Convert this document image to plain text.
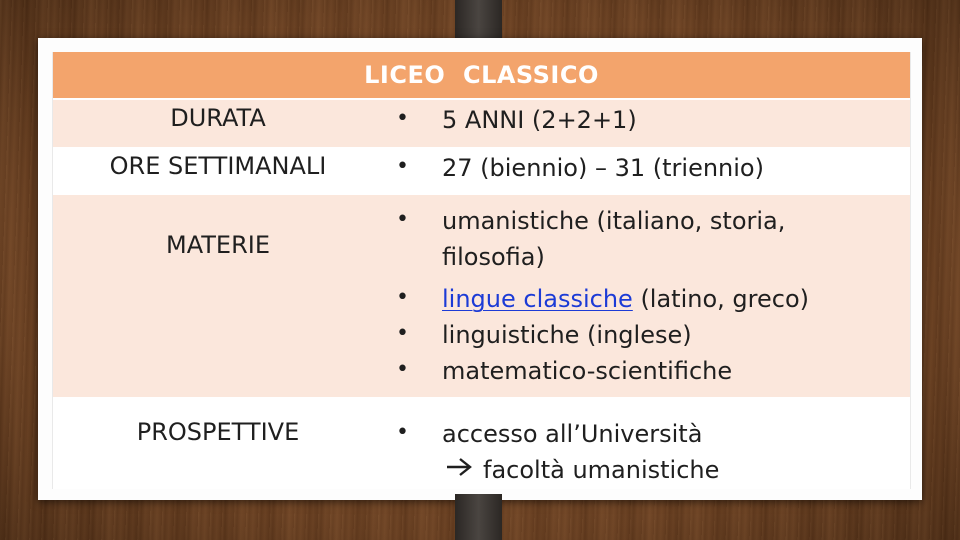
LICEO  CLASSICO
DURATA	• 5 ANNI (2+2+1)
ORE SETTIMANALI	• 27 (biennio) – 31 (triennio)
MATERIE
• umanistiche (italiano, storia,
filosofia)
• lingue classiche (latino, greco)
• linguistiche (inglese)
• matematico-scientifiche
PROSPETTIVE	• accesso all’Università
facoltà umanistiche
